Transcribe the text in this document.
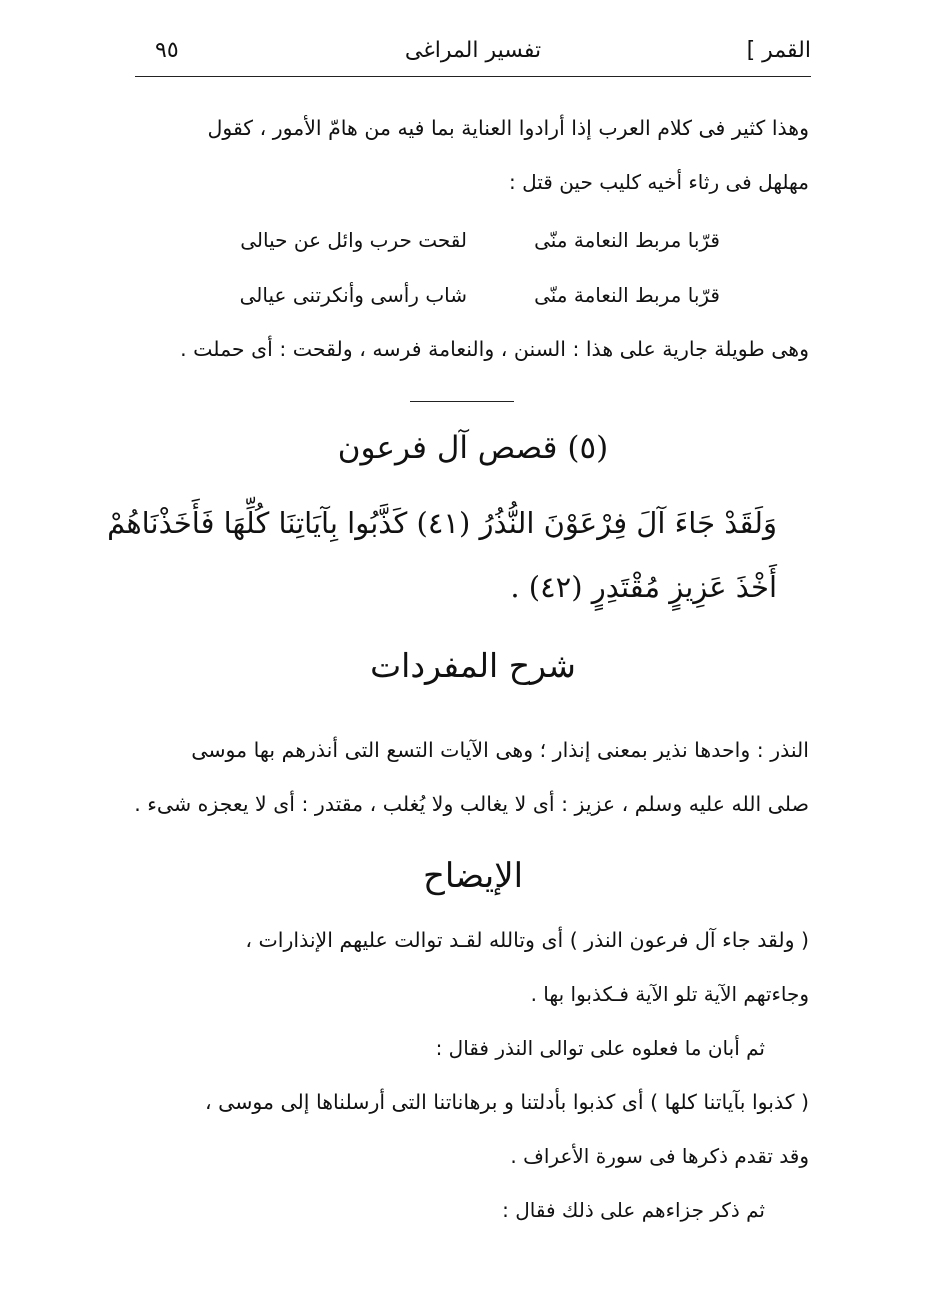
القمر ]
تفسير المراغى
٩٥
وهذا كثير فى كلام العرب إذا أرادوا العناية بما فيه من هامّ الأمور ، كقول
مهلهل فى رثاء أخيه كليب حين قتل :
قرّبا مربط النعامة منّى
لقحت حرب وائل عن حيالى
قرّبا مربط النعامة منّى
شاب رأسى وأنكرتنى عيالى
وهى طويلة جارية على هذا : السنن ، والنعامة فرسه ، ولقحت : أى حملت .
(٥) قصص آل فرعون
وَلَقَدْ جَاءَ آلَ فِرْعَوْنَ النُّذُرُ (٤١) كَذَّبُوا بِآيَاتِنَا كُلِّهَا فَأَخَذْنَاهُمْ
أَخْذَ عَزِيزٍ مُقْتَدِرٍ (٤٢) .
شرح المفردات
النذر : واحدها نذير بمعنى إنذار ؛ وهى الآيات التسع التى أنذرهم بها موسى
صلى الله عليه وسلم ، عزيز : أى لا يغالب ولا يُغلب ، مقتدر : أى لا يعجزه شىء .
الإيضاح
( ولقد جاء آل فرعون النذر ) أى وتالله لقـد توالت عليهم الإنذارات ،
وجاءتهم الآية تلو الآية فـكذبوا بها .
ثم أبان ما فعلوه على توالى النذر فقال :
( كذبوا بآياتنا كلها ) أى كذبوا بأدلتنا و برهاناتنا التى أرسلناها إلى موسى ،
وقد تقدم ذكرها فى سورة الأعراف .
ثم ذكر جزاءهم على ذلك فقال :
